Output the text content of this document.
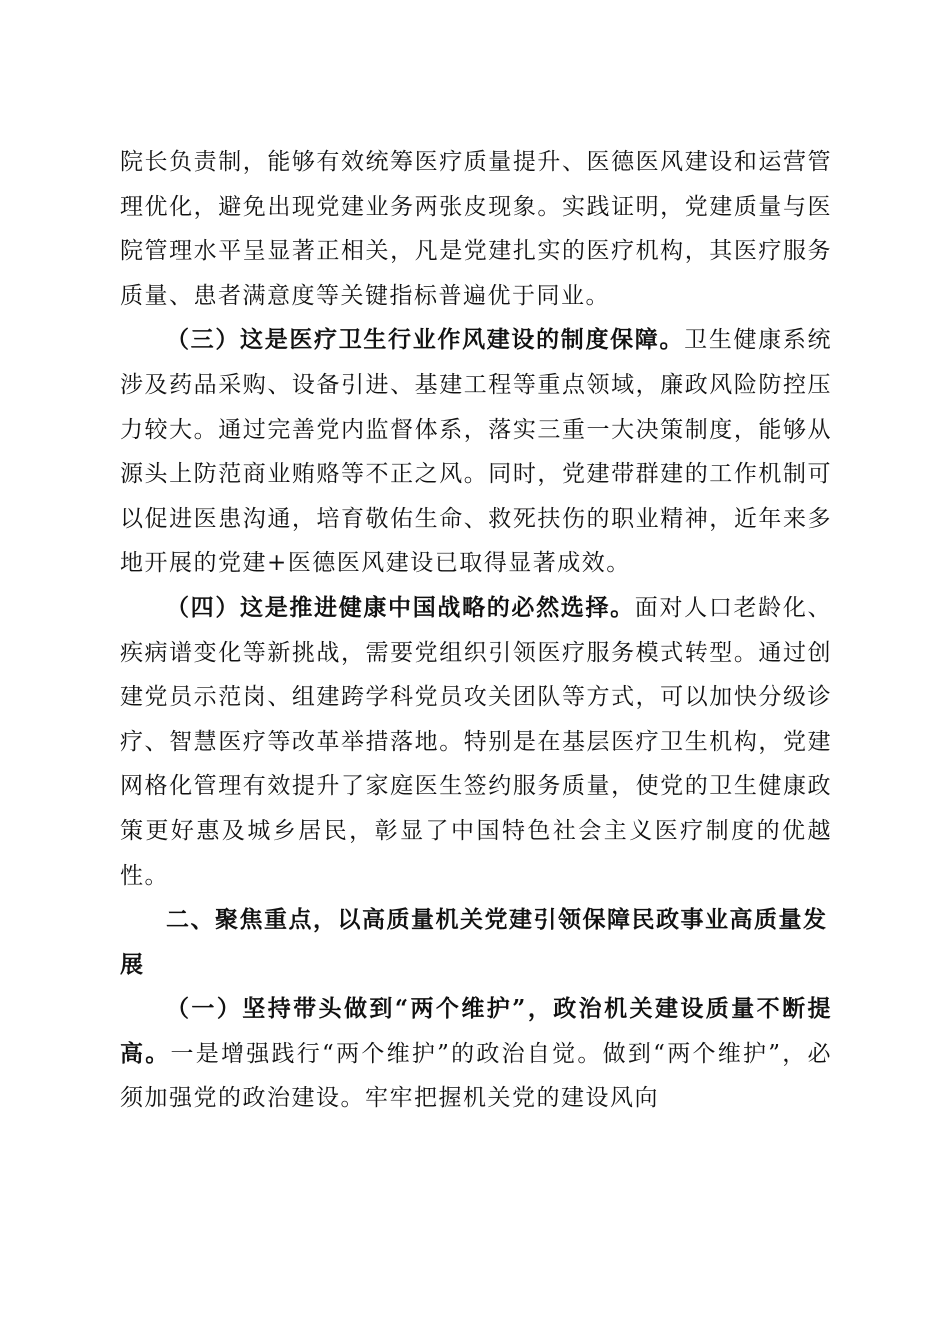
院长负责制，能够有效统筹医疗质量提升、医德医风建设和运营管理优化，避免出现党建业务两张皮现象。实践证明，党建质量与医院管理水平呈显著正相关，凡是党建扎实的医疗机构，其医疗服务质量、患者满意度等关键指标普遍优于同业。

（三）这是医疗卫生行业作风建设的制度保障。卫生健康系统涉及药品采购、设备引进、基建工程等重点领域，廉政风险防控压力较大。通过完善党内监督体系，落实三重一大决策制度，能够从源头上防范商业贿赂等不正之风。同时，党建带群建的工作机制可以促进医患沟通，培育敬佑生命、救死扶伤的职业精神，近年来多地开展的党建+医德医风建设已取得显著成效。

（四）这是推进健康中国战略的必然选择。面对人口老龄化、疾病谱变化等新挑战，需要党组织引领医疗服务模式转型。通过创建党员示范岗、组建跨学科党员攻关团队等方式，可以加快分级诊疗、智慧医疗等改革举措落地。特别是在基层医疗卫生机构，党建网格化管理有效提升了家庭医生签约服务质量，使党的卫生健康政策更好惠及城乡居民，彰显了中国特色社会主义医疗制度的优越性。

二、聚焦重点，以高质量机关党建引领保障民政事业高质量发展

（一）坚持带头做到“两个维护”，政治机关建设质量不断提高。一是增强践行“两个维护”的政治自觉。做到“两个维护”，必须加强党的政治建设。牢牢把握机关党的建设风向
